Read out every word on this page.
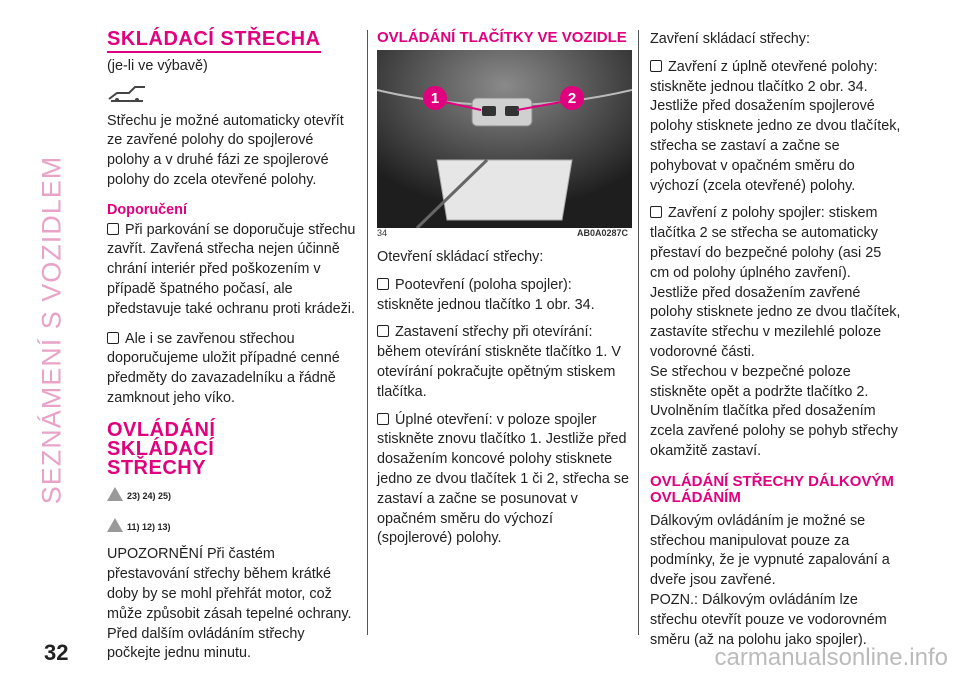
SEZNÁMENÍ S VOZIDLEM
32
SKLÁDACÍ STŘECHA

(je-li ve výbavě)

Střechu je možné automaticky otevřít ze zavřené polohy do spojlerové polohy a v druhé fázi ze spojlerové polohy do zcela otevřené polohy.

Doporučení

Při parkování se doporučuje střechu zavřít. Zavřená střecha nejen účinně chrání interiér před poškozením v případě špatného počasí, ale představuje také ochranu proti krádeži.

Ale i se zavřenou střechou doporučujeme uložit případné cenné předměty do zavazadelníku a řádně zamknout jeho víko.

OVLÁDÁNÍ SKLÁDACÍ STŘECHY

23) 24) 25)

11) 12) 13)

UPOZORNĚNÍ Při častém přestavování střechy během krátké doby by se mohl přehřát motor, což může způsobit zásah tepelné ochrany. Před dalším ovládáním střechy počkejte jednu minutu.

OVLÁDÁNÍ TLAČÍTKY VE VOZIDLE

1	2
34	AB0A0287C

Otevření skládací střechy:

Pootevření (poloha spojler): stiskněte jednou tlačítko 1 obr. 34.

Zastavení střechy při otevírání: během otevírání stiskněte tlačítko 1. V otevírání pokračujte opětným stiskem tlačítka.

Úplné otevření: v poloze spojler stiskněte znovu tlačítko 1. Jestliže před dosažením koncové polohy stisknete jedno ze dvou tlačítek 1 či 2, střecha se zastaví a začne se posunovat v opačném směru do výchozí (spojlerové) polohy.

Zavření skládací střechy:

Zavření z úplně otevřené polohy: stiskněte jednou tlačítko 2 obr. 34. Jestliže před dosažením spojlerové polohy stisknete jedno ze dvou tlačítek, střecha se zastaví a začne se pohybovat v opačném směru do výchozí (zcela otevřené) polohy.

Zavření z polohy spojler: stiskem tlačítka 2 se střecha se automaticky přestaví do bezpečné polohy (asi 25 cm od polohy úplného zavření). Jestliže před dosažením zavřené polohy stisknete jedno ze dvou tlačítek, zastavíte střechu v mezilehlé poloze vodorovné části.

Se střechou v bezpečné poloze stiskněte opět a podržte tlačítko 2. Uvolněním tlačítka před dosažením zcela zavřené polohy se pohyb střechy okamžitě zastaví.

OVLÁDÁNÍ STŘECHY DÁLKOVÝM OVLÁDÁNÍM

Dálkovým ovládáním je možné se střechou manipulovat pouze za podmínky, že je vypnuté zapalování a dveře jsou zavřené.

POZN.: Dálkovým ovládáním lze střechu otevřít pouze ve vodorovném směru (až na polohu jako spojler).

carmanualsonline.info
